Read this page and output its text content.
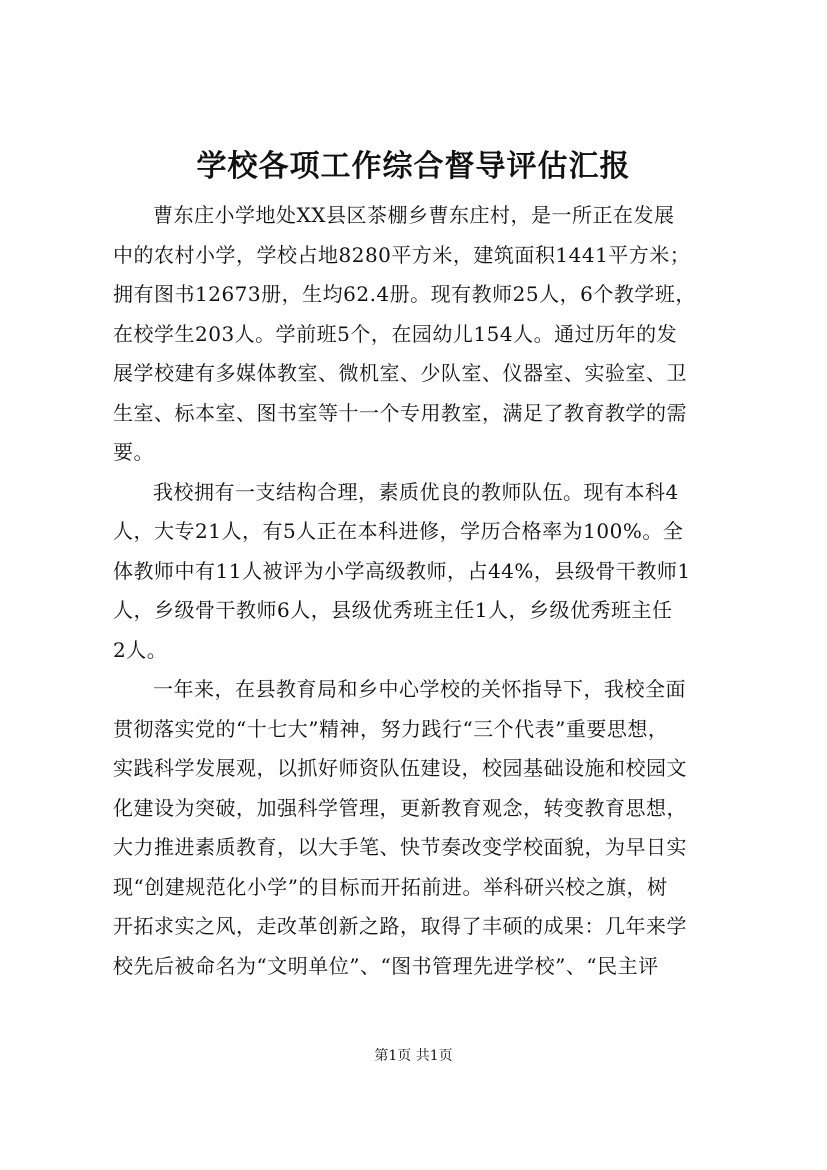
学校各项工作综合督导评估汇报
曹东庄小学地处XX县区茶棚乡曹东庄村，是一所正在发展
中的农村小学，学校占地8280平方米，建筑面积1441平方米；
拥有图书12673册，生均62.4册。现有教师25人，6个教学班，
在校学生203人。学前班5个，在园幼儿154人。通过历年的发
展学校建有多媒体教室、微机室、少队室、仪器室、实验室、卫
生室、标本室、图书室等十一个专用教室，满足了教育教学的需
要。
我校拥有一支结构合理，素质优良的教师队伍。现有本科4
人，大专21人，有5人正在本科进修，学历合格率为100%。全
体教师中有11人被评为小学高级教师，占44%，县级骨干教师1
人，乡级骨干教师6人，县级优秀班主任1人，乡级优秀班主任
2人。
一年来，在县教育局和乡中心学校的关怀指导下，我校全面
贯彻落实党的“十七大”精神，努力践行“三个代表”重要思想，
实践科学发展观，以抓好师资队伍建设，校园基础设施和校园文
化建设为突破，加强科学管理，更新教育观念，转变教育思想，
大力推进素质教育，以大手笔、快节奏改变学校面貌，为早日实
现“创建规范化小学”的目标而开拓前进。举科研兴校之旗，树
开拓求实之风，走改革创新之路，取得了丰硕的成果：几年来学
校先后被命名为“文明单位”、“图书管理先进学校”、“民主评
第1页 共1页
